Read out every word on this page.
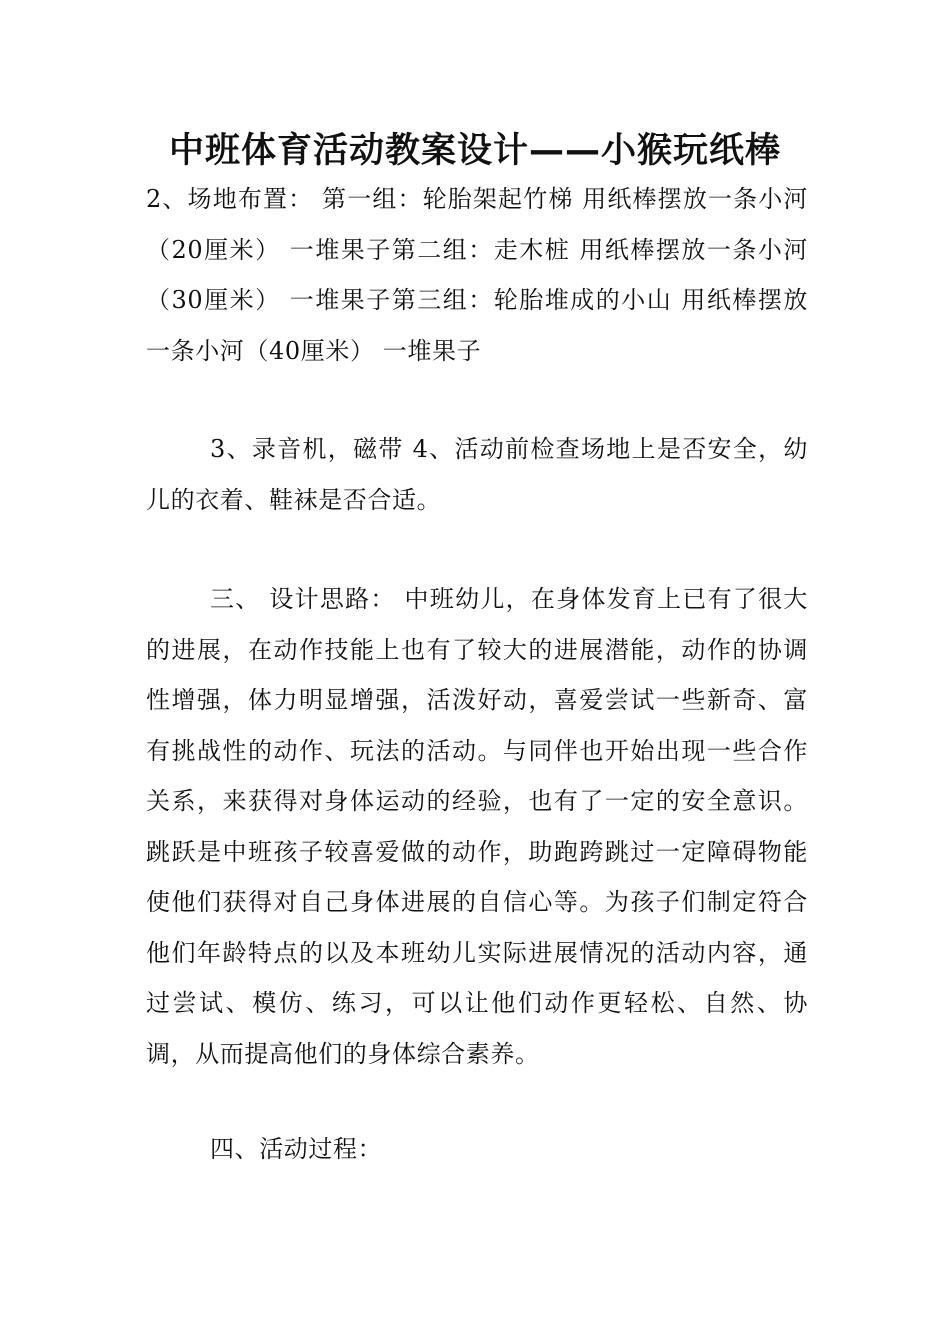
中班体育活动教案设计——小猴玩纸棒

2、场地布置： 第一组：轮胎架起竹梯 用纸棒摆放一条小河（20厘米） 一堆果子第二组：走木桩 用纸棒摆放一条小河（30厘米） 一堆果子第三组：轮胎堆成的小山 用纸棒摆放一条小河（40厘米） 一堆果子

3、录音机，磁带 4、活动前检查场地上是否安全，幼儿的衣着、鞋袜是否合适。

三、 设计思路： 中班幼儿，在身体发育上已有了很大的进展，在动作技能上也有了较大的进展潜能，动作的协调性增强，体力明显增强，活泼好动，喜爱尝试一些新奇、富有挑战性的动作、玩法的活动。与同伴也开始出现一些合作关系，来获得对身体运动的经验，也有了一定的安全意识。跳跃是中班孩子较喜爱做的动作，助跑跨跳过一定障碍物能使他们获得对自己身体进展的自信心等。为孩子们制定符合他们年龄特点的以及本班幼儿实际进展情况的活动内容，通过尝试、模仿、练习，可以让他们动作更轻松、自然、协调，从而提高他们的身体综合素养。

四、活动过程：
